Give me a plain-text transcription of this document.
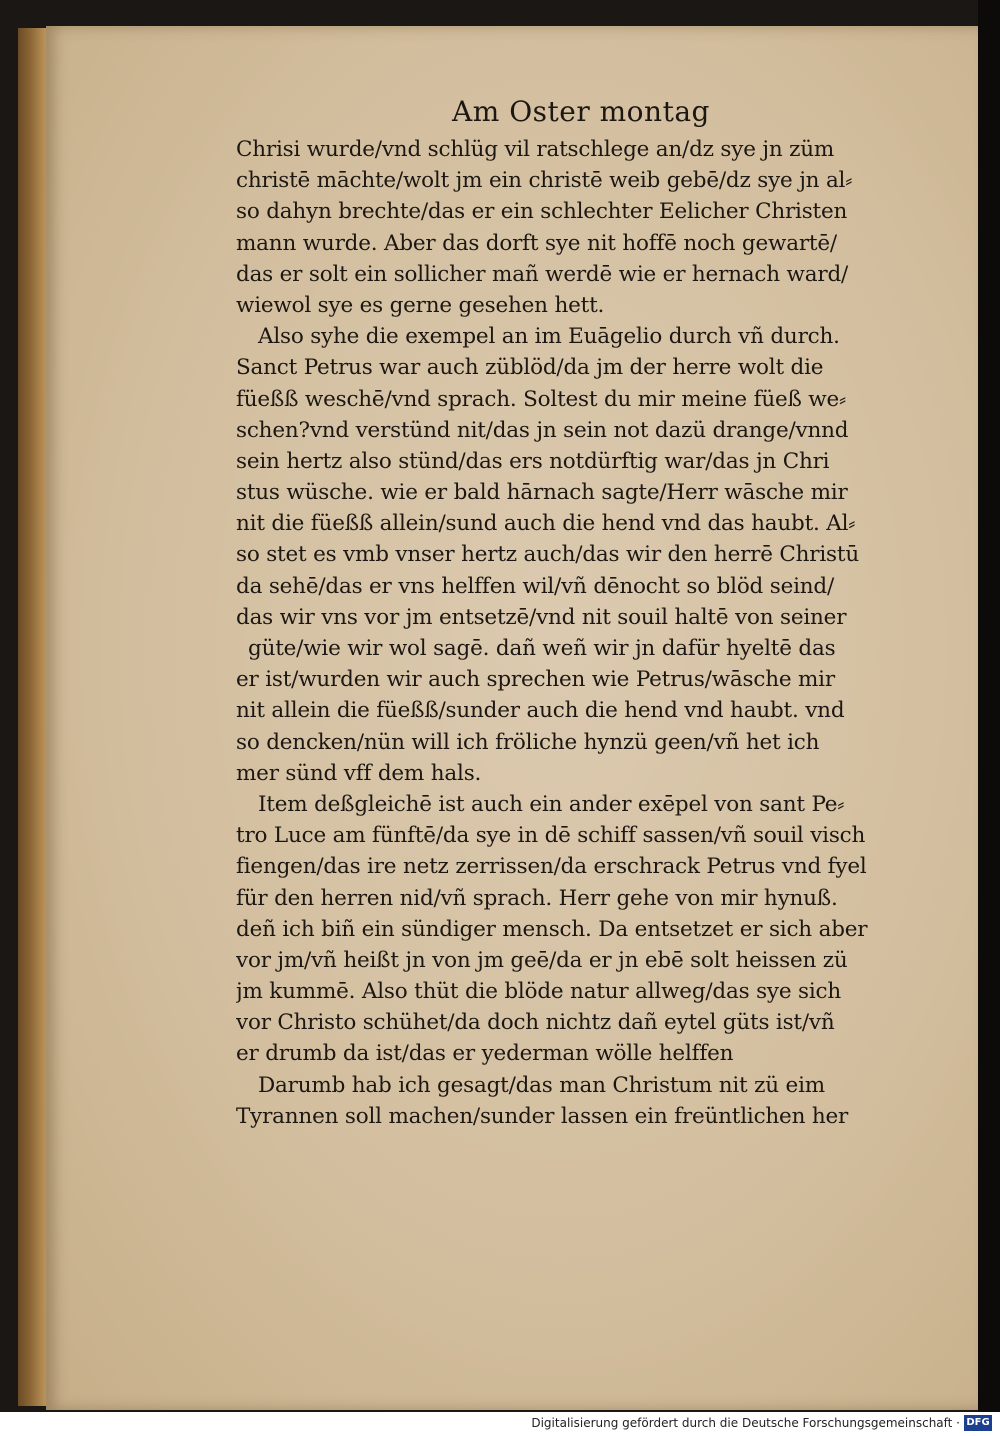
Am Oster montag
Chrisi wurde/vnd schlüg vil ratschlege an/dz sye jn züm
christē māchte/wolt jm ein christē weib gebē/dz sye jn al⸗
so dahyn brechte/das er ein schlechter Eelicher Christen
mann wurde. Aber das dorft sye nit hoffē noch gewartē/
das er solt ein sollicher mañ werdē wie er hernach ward/
wiewol sye es gerne gesehen hett.
Also syhe die exempel an im Euāgelio durch vñ durch.
Sanct Petrus war auch züblöd/da jm der herre wolt die
füeßß weschē/vnd sprach. Soltest du mir meine füeß we⸗
schen?vnd verstünd nit/das jn sein not dazü drange/vnnd
sein hertz also stünd/das ers notdürftig war/das jn Chri
stus wüsche. wie er bald hārnach sagte/Herr wāsche mir
nit die füeßß allein/sund auch die hend vnd das haubt. Al⸗
so stet es vmb vnser hertz auch/das wir den herrē Christū
da sehē/das er vns helffen wil/vñ dēnocht so blöd seind/
das wir vns vor jm entsetzē/vnd nit souil haltē von seiner
güte/wie wir wol sagē. dañ weñ wir jn dafür hyeltē das
er ist/wurden wir auch sprechen wie Petrus/wāsche mir
nit allein die füeßß/sunder auch die hend vnd haubt. vnd
so dencken/nün will ich fröliche hynzü geen/vñ het ich
mer sünd vff dem hals.
Item deßgleichē ist auch ein ander exēpel von sant Pe⸗
tro Luce am fünftē/da sye in dē schiff sassen/vñ souil visch
fiengen/das ire netz zerrissen/da erschrack Petrus vnd fyel
für den herren nid/vñ sprach. Herr gehe von mir hynuß.
deñ ich biñ ein sündiger mensch. Da entsetzet er sich aber
vor jm/vñ heißt jn von jm geē/da er jn ebē solt heissen zü
jm kummē. Also thüt die blöde natur allweg/das sye sich
vor Christo schühet/da doch nichtz dañ eytel güts ist/vñ
er drumb da ist/das er yederman wölle helffen
Darumb hab ich gesagt/das man Christum nit zü eim
Tyrannen soll machen/sunder lassen ein freüntlichen her
Digitalisierung gefördert durch die Deutsche Forschungsgemeinschaft · DFG
